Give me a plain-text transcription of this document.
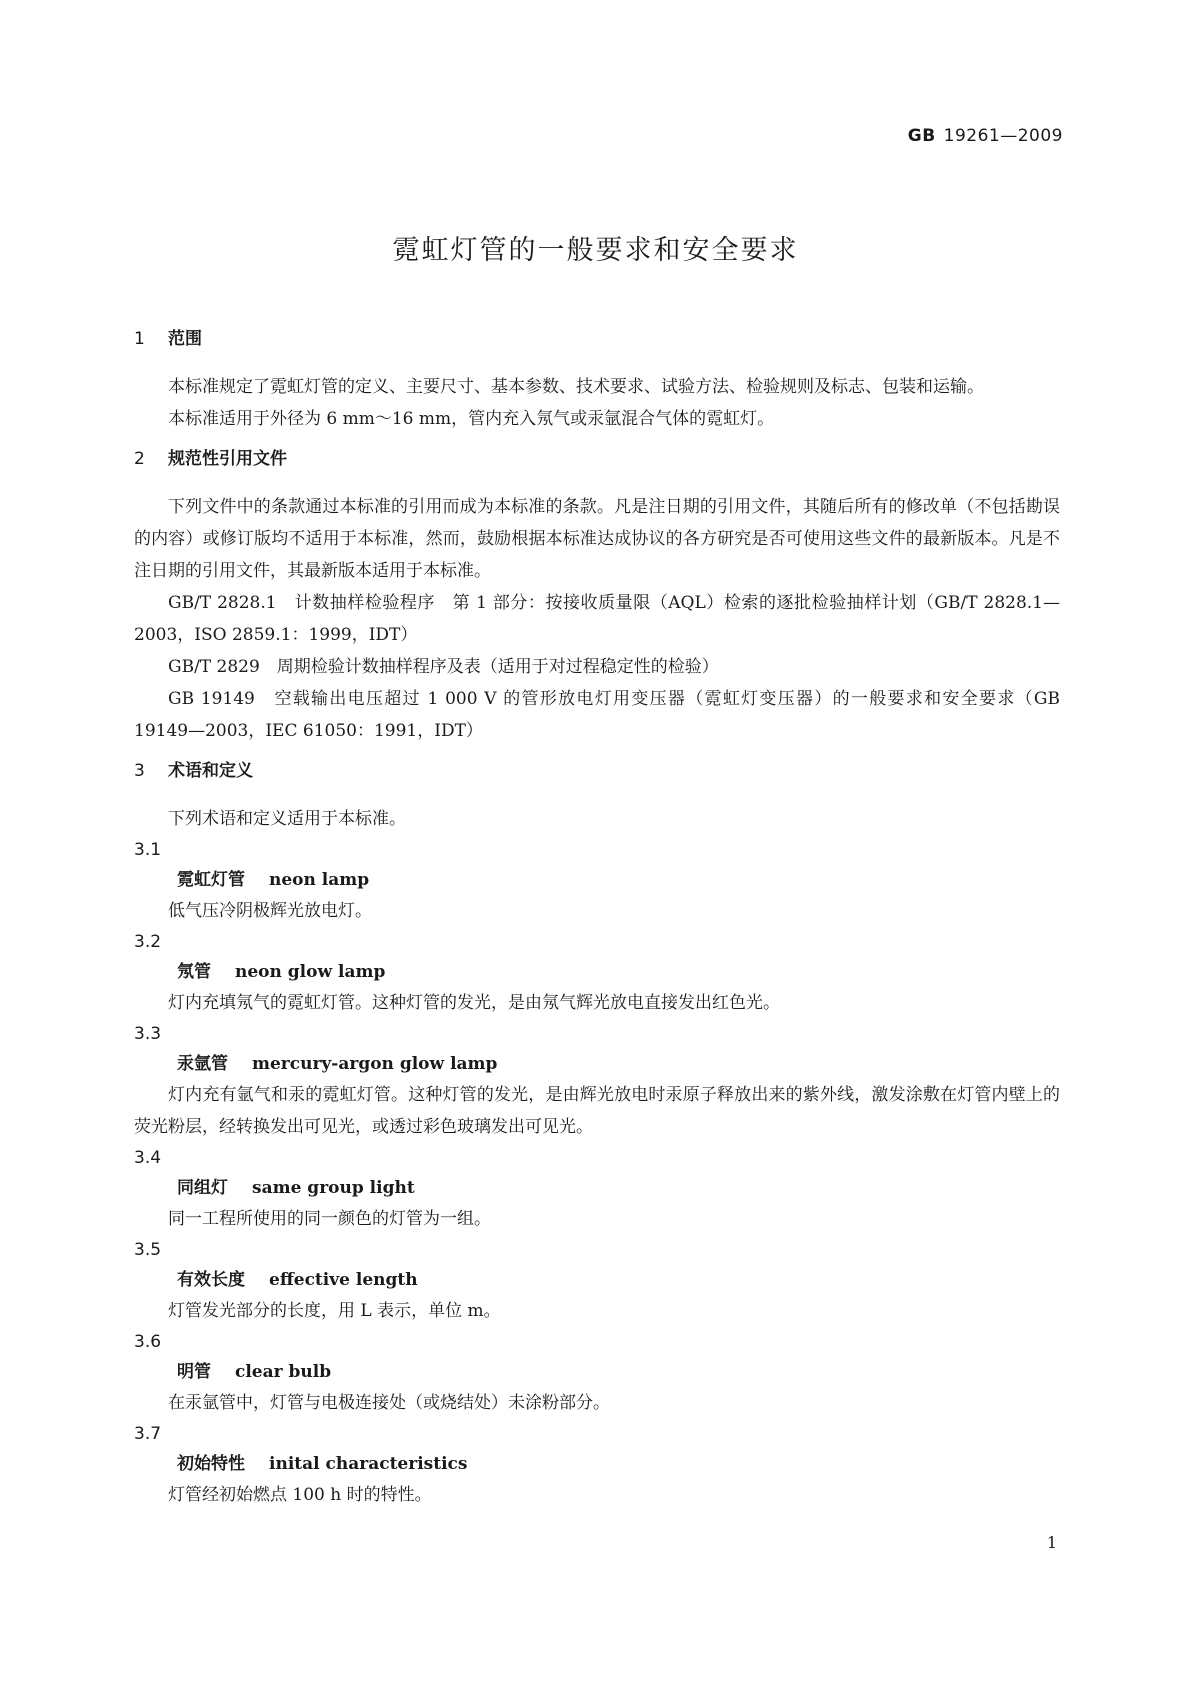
GB 19261—2009
霓虹灯管的一般要求和安全要求

1 范围

本标准规定了霓虹灯管的定义、主要尺寸、基本参数、技术要求、试验方法、检验规则及标志、包装和运输。

本标准适用于外径为 6 mm～16 mm，管内充入氖气或汞氩混合气体的霓虹灯。

2 规范性引用文件

下列文件中的条款通过本标准的引用而成为本标准的条款。凡是注日期的引用文件，其随后所有的修改单（不包括勘误的内容）或修订版均不适用于本标准，然而，鼓励根据本标准达成协议的各方研究是否可使用这些文件的最新版本。凡是不注日期的引用文件，其最新版本适用于本标准。

GB/T 2828.1　计数抽样检验程序　第 1 部分：按接收质量限（AQL）检索的逐批检验抽样计划（GB/T 2828.1—2003，ISO 2859.1：1999，IDT）

GB/T 2829　周期检验计数抽样程序及表（适用于对过程稳定性的检验）

GB 19149　空载输出电压超过 1 000 V 的管形放电灯用变压器（霓虹灯变压器）的一般要求和安全要求（GB 19149—2003，IEC 61050：1991，IDT）

3 术语和定义

下列术语和定义适用于本标准。

3.1

霓虹灯管 neon lamp

低气压冷阴极辉光放电灯。

3.2

氖管 neon glow lamp

灯内充填氖气的霓虹灯管。这种灯管的发光，是由氖气辉光放电直接发出红色光。

3.3

汞氩管 mercury-argon glow lamp

灯内充有氩气和汞的霓虹灯管。这种灯管的发光，是由辉光放电时汞原子释放出来的紫外线，激发涂敷在灯管内壁上的荧光粉层，经转换发出可见光，或透过彩色玻璃发出可见光。

3.4

同组灯 same group light

同一工程所使用的同一颜色的灯管为一组。

3.5

有效长度 effective length

灯管发光部分的长度，用 L 表示，单位 m。

3.6

明管 clear bulb

在汞氩管中，灯管与电极连接处（或烧结处）未涂粉部分。

3.7

初始特性 inital characteristics

灯管经初始燃点 100 h 时的特性。

1
